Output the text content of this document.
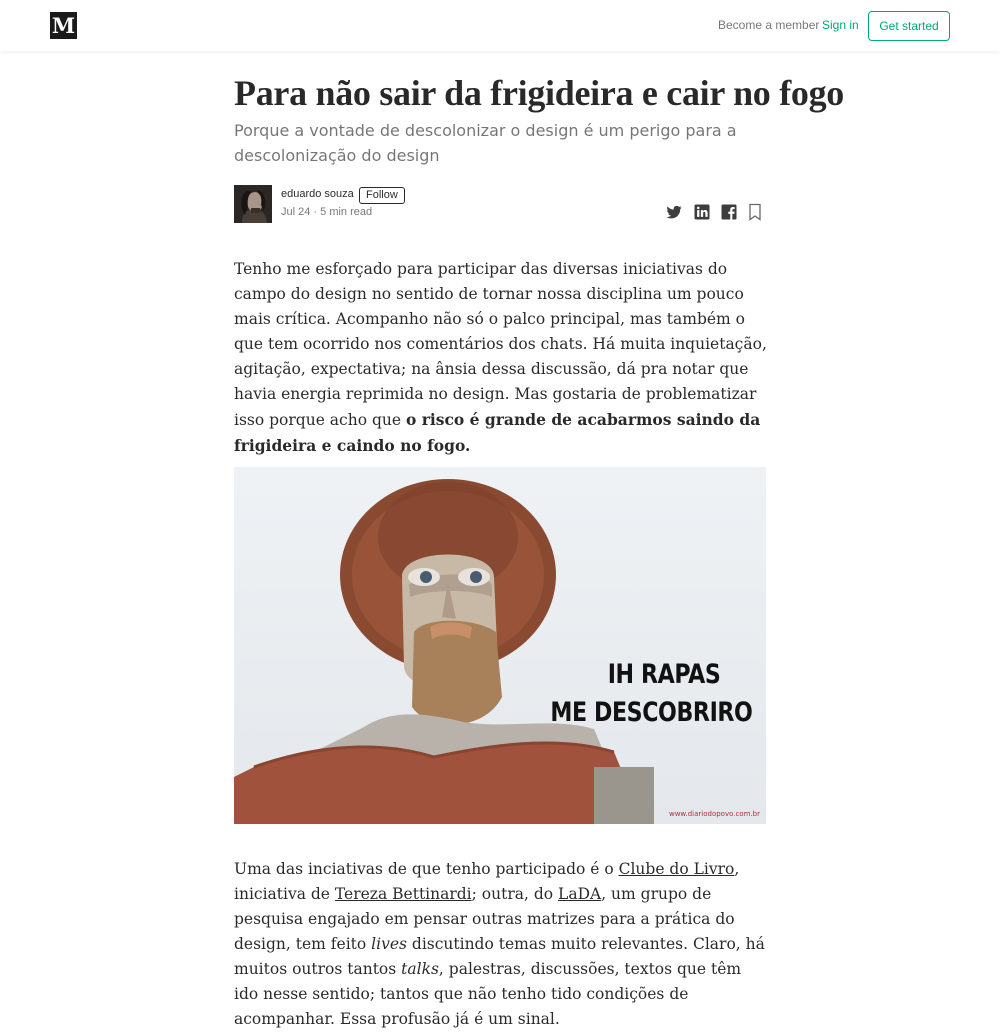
M	Become a member Sign in	Get started
Para não sair da frigideira e cair no fogo
Porque a vontade de descolonizar o design é um perigo para a descolonização do design
eduardo souza	Follow
Jul 24 · 5 min read

Tenho me esforçado para participar das diversas iniciativas do campo do design no sentido de tornar nossa disciplina um pouco mais crítica. Acompanho não só o palco principal, mas também o que tem ocorrido nos comentários dos chats. Há muita inquietação, agitação, expectativa; na ânsia dessa discussão, dá pra notar que havia energia reprimida no design. Mas gostaria de problematizar isso porque acho que o risco é grande de acabarmos saindo da frigideira e caindo no fogo.

IH RAPAS
ME DESCOBRIRO
www.diariodopovo.com.br

Uma das inciativas de que tenho participado é o Clube do Livro, iniciativa de Tereza Bettinardi; outra, do LaDA, um grupo de pesquisa engajado em pensar outras matrizes para a prática do design, tem feito lives discutindo temas muito relevantes. Claro, há muitos outros tantos talks, palestras, discussões, textos que têm ido nesse sentido; tantos que não tenho tido condições de acompanhar. Essa profusão já é um sinal.
